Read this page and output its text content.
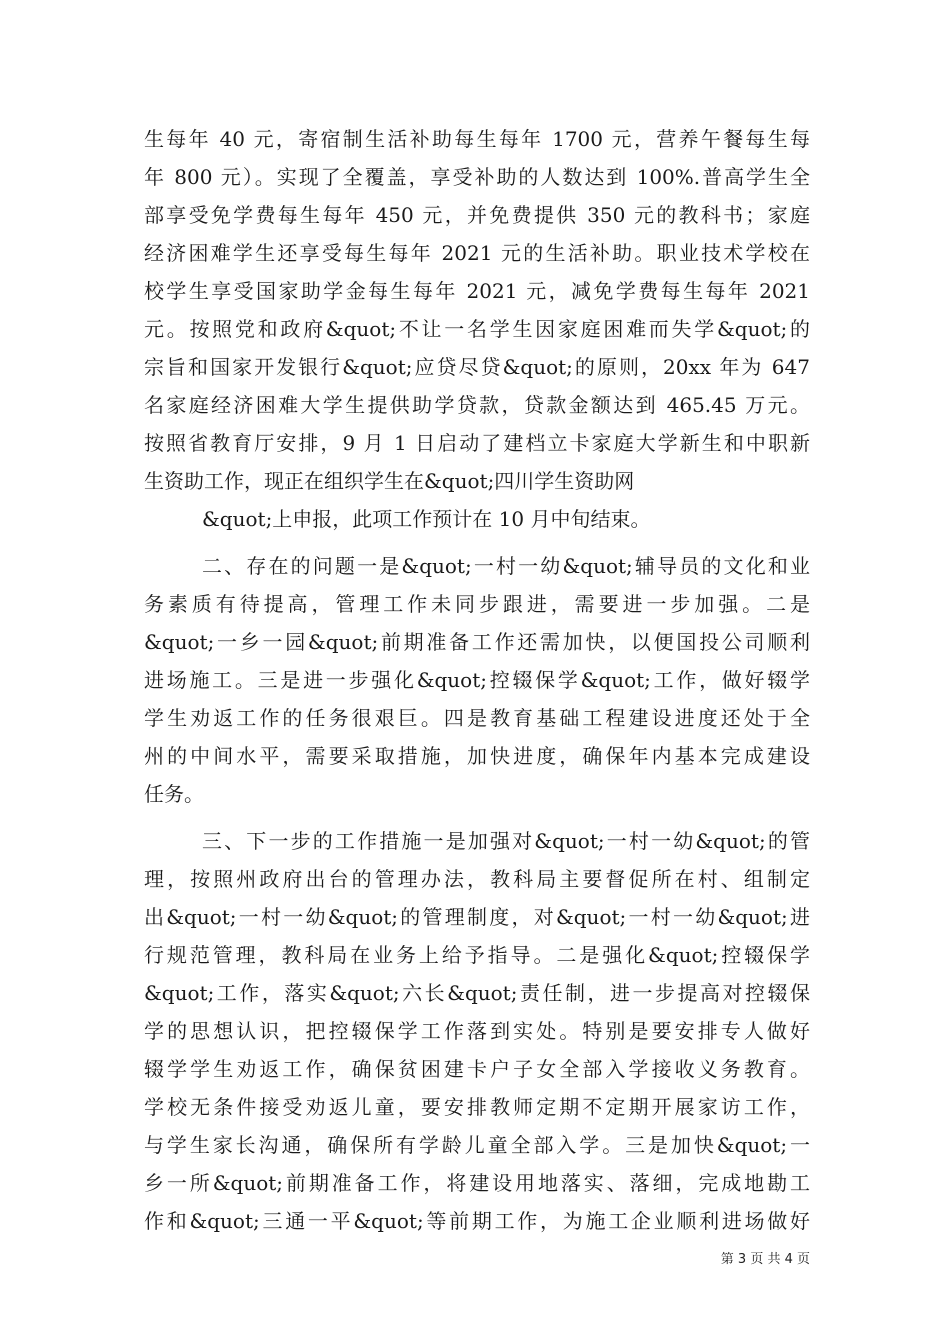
生每年 40 元，寄宿制生活补助每生每年 1700 元，营养午餐每生每
年 800 元）。实现了全覆盖，享受补助的人数达到 100%.普高学生全
部享受免学费每生每年 450 元，并免费提供 350 元的教科书；家庭
经济困难学生还享受每生每年 2021 元的生活补助。职业技术学校在
校学生享受国家助学金每生每年 2021 元，减免学费每生每年 2021
元。按照党和政府&quot;不让一名学生因家庭困难而失学&quot;的
宗旨和国家开发银行&quot;应贷尽贷&quot;的原则，20xx 年为 647
名家庭经济困难大学生提供助学贷款，贷款金额达到 465.45 万元。
按照省教育厅安排，9 月 1 日启动了建档立卡家庭大学新生和中职新
生资助工作，现正在组织学生在&quot;四川学生资助网
&quot;上申报，此项工作预计在 10 月中旬结束。
二、存在的问题一是&quot;一村一幼&quot;辅导员的文化和业
务素质有待提高，管理工作未同步跟进，需要进一步加强。二是
&quot;一乡一园&quot;前期准备工作还需加快，以便国投公司顺利
进场施工。三是进一步强化&quot;控辍保学&quot;工作，做好辍学
学生劝返工作的任务很艰巨。四是教育基础工程建设进度还处于全
州的中间水平，需要采取措施，加快进度，确保年内基本完成建设
任务。
三、下一步的工作措施一是加强对&quot;一村一幼&quot;的管
理，按照州政府出台的管理办法，教科局主要督促所在村、组制定
出&quot;一村一幼&quot;的管理制度，对&quot;一村一幼&quot;进
行规范管理，教科局在业务上给予指导。二是强化&quot;控辍保学
&quot;工作，落实&quot;六长&quot;责任制，进一步提高对控辍保
学的思想认识，把控辍保学工作落到实处。特别是要安排专人做好
辍学学生劝返工作，确保贫困建卡户子女全部入学接收义务教育。
学校无条件接受劝返儿童，要安排教师定期不定期开展家访工作，
与学生家长沟通，确保所有学龄儿童全部入学。三是加快&quot;一
乡一所&quot;前期准备工作，将建设用地落实、落细，完成地勘工
作和&quot;三通一平&quot;等前期工作，为施工企业顺利进场做好
第 3 页 共 4 页
